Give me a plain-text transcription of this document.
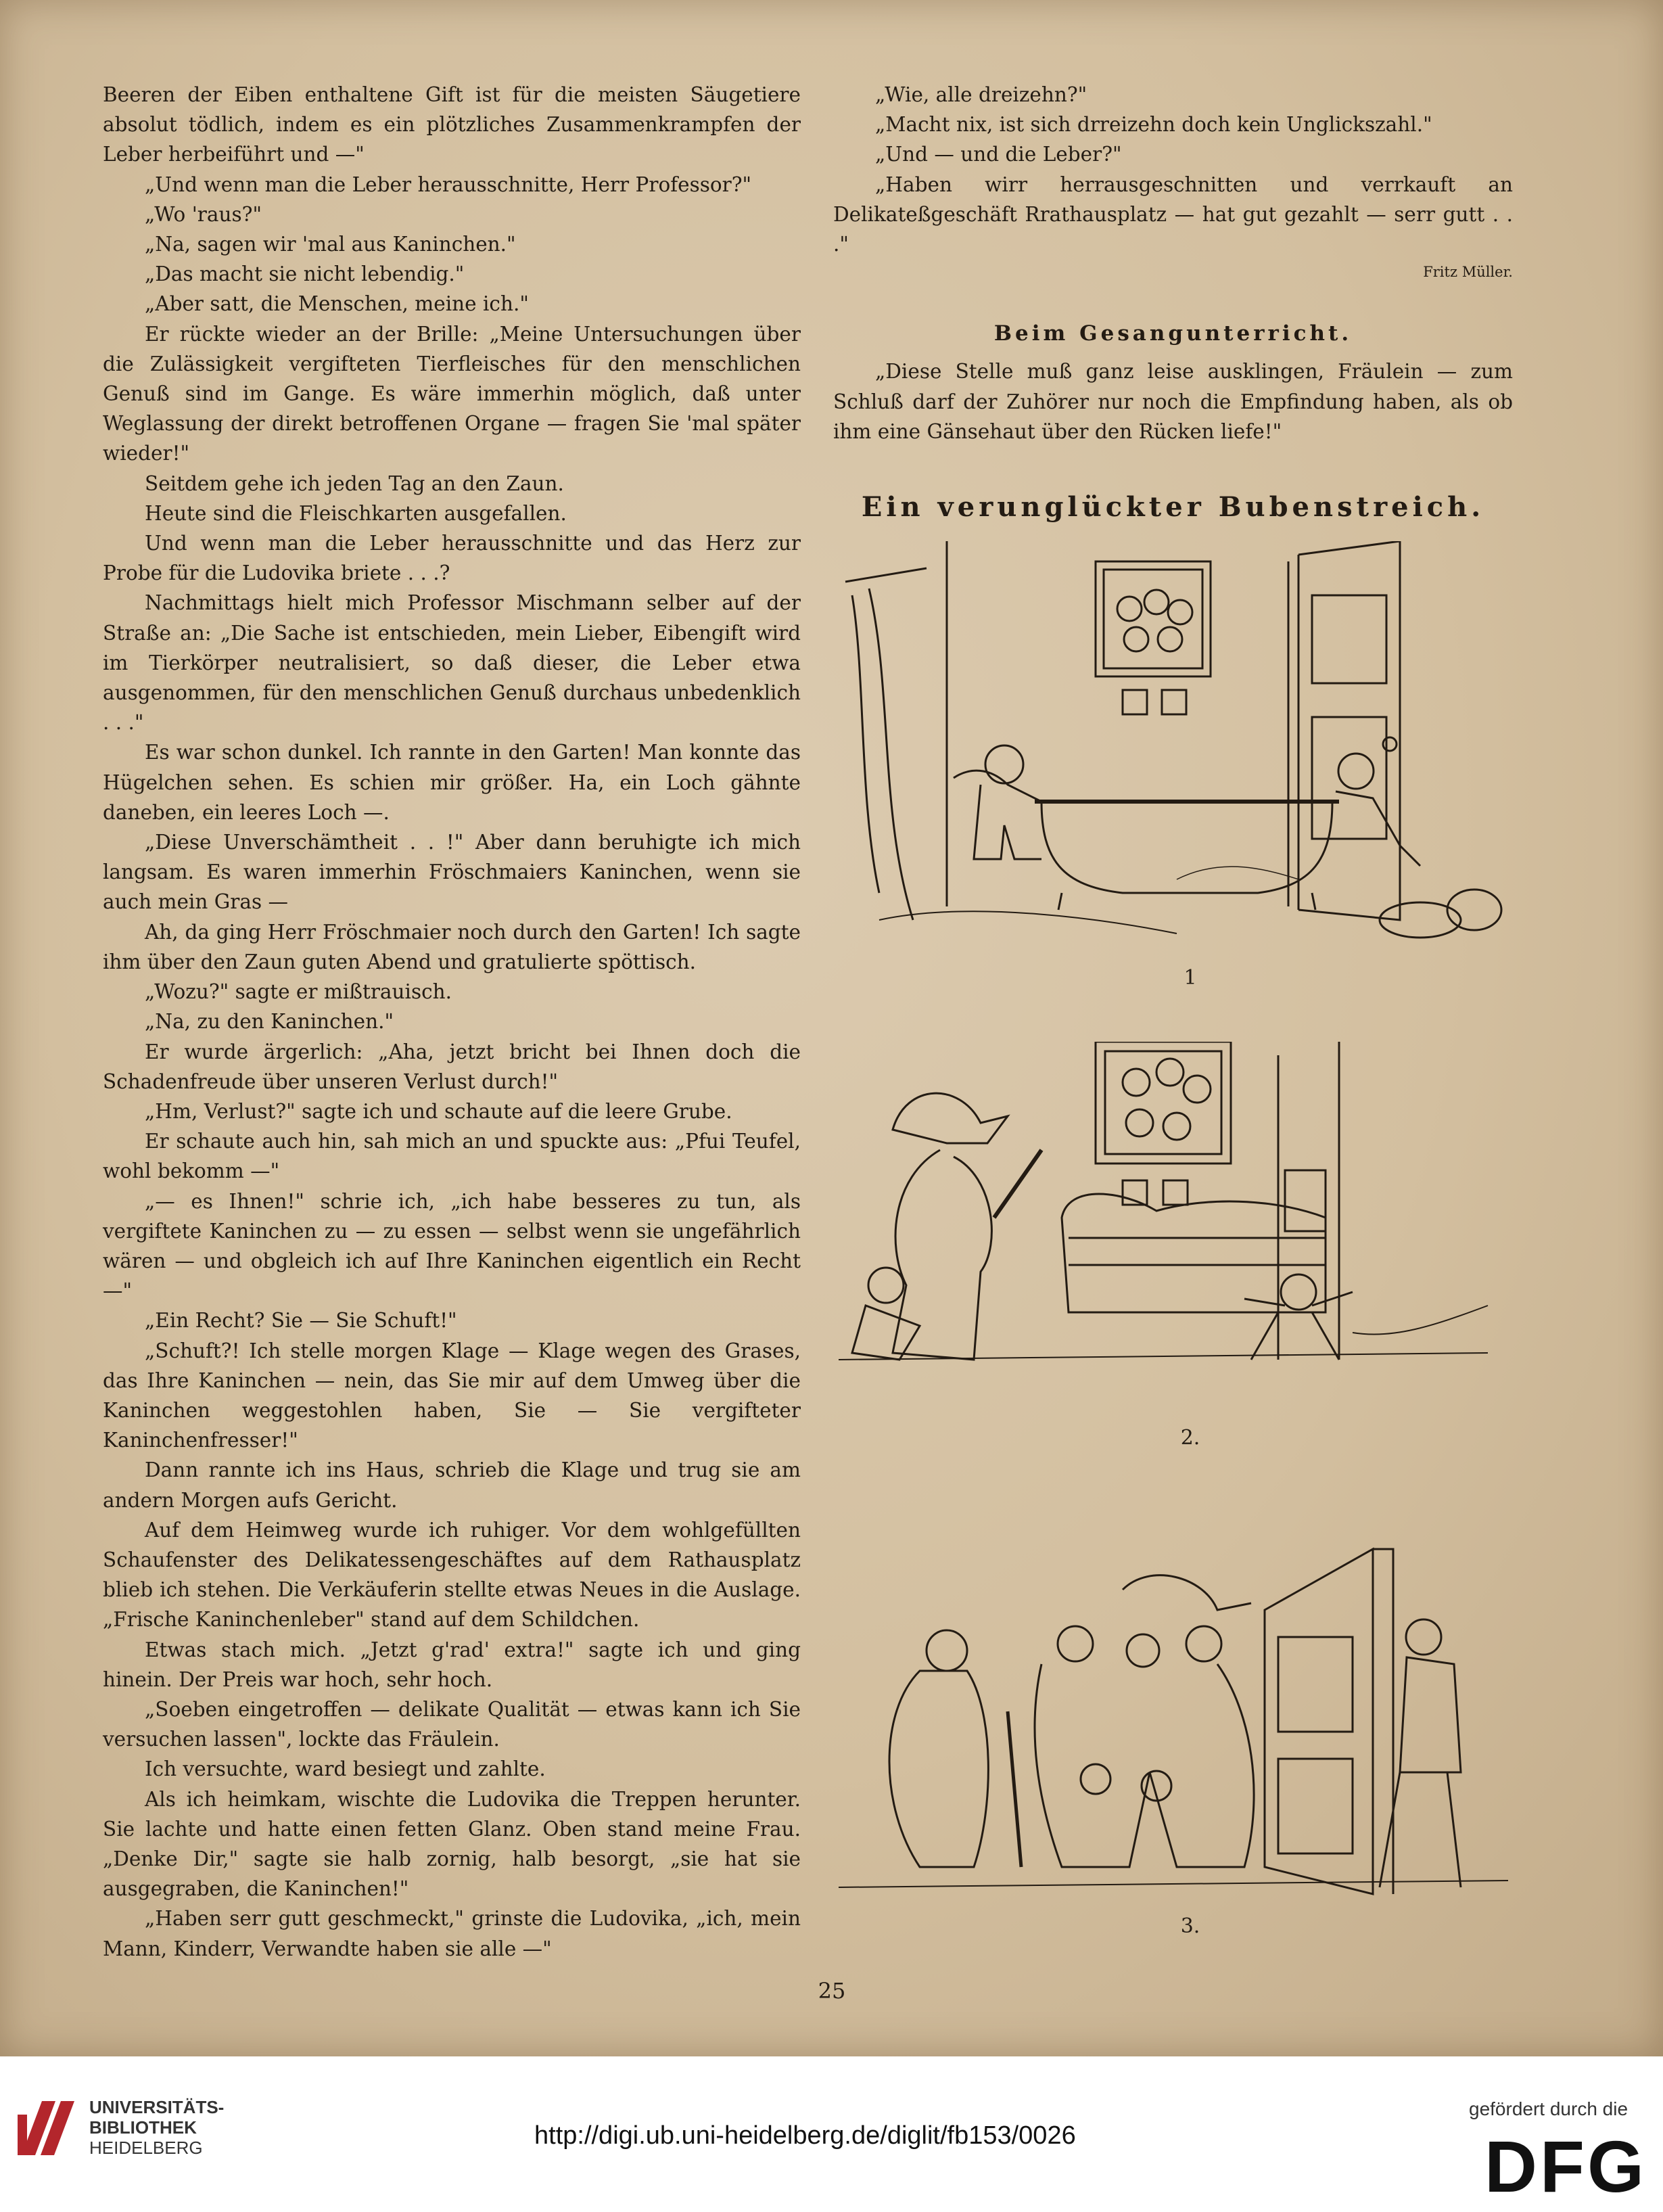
Beeren der Eiben enthaltene Gift ist für die meisten Säugetiere absolut tödlich, indem es ein plötzliches Zusammenkrampfen der Leber herbeiführt und —"

„Und wenn man die Leber herausschnitte, Herr Professor?"

„Wo 'raus?"

„Na, sagen wir 'mal aus Kaninchen."

„Das macht sie nicht lebendig."

„Aber satt, die Menschen, meine ich."

Er rückte wieder an der Brille: „Meine Untersuchungen über die Zulässigkeit vergifteten Tierfleisches für den menschlichen Genuß sind im Gange. Es wäre immerhin möglich, daß unter Weglassung der direkt betroffenen Organe — fragen Sie 'mal später wieder!"

Seitdem gehe ich jeden Tag an den Zaun.

Heute sind die Fleischkarten ausgefallen.

Und wenn man die Leber herausschnitte und das Herz zur Probe für die Ludovika briete . . .?

Nachmittags hielt mich Professor Mischmann selber auf der Straße an: „Die Sache ist entschieden, mein Lieber, Eibengift wird im Tierkörper neutralisiert, so daß dieser, die Leber etwa ausgenommen, für den menschlichen Genuß durchaus unbedenklich . . ."

Es war schon dunkel. Ich rannte in den Garten! Man konnte das Hügelchen sehen. Es schien mir größer. Ha, ein Loch gähnte daneben, ein leeres Loch —.

„Diese Unverschämtheit . . !" Aber dann beruhigte ich mich langsam. Es waren immerhin Fröschmaiers Kaninchen, wenn sie auch mein Gras —

Ah, da ging Herr Fröschmaier noch durch den Garten! Ich sagte ihm über den Zaun guten Abend und gratulierte spöttisch.

„Wozu?" sagte er mißtrauisch.

„Na, zu den Kaninchen."

Er wurde ärgerlich: „Aha, jetzt bricht bei Ihnen doch die Schadenfreude über unseren Verlust durch!"

„Hm, Verlust?" sagte ich und schaute auf die leere Grube.

Er schaute auch hin, sah mich an und spuckte aus: „Pfui Teufel, wohl bekomm —"

„— es Ihnen!" schrie ich, „ich habe besseres zu tun, als vergiftete Kaninchen zu — zu essen — selbst wenn sie ungefährlich wären — und obgleich ich auf Ihre Kaninchen eigentlich ein Recht —"

„Ein Recht? Sie — Sie Schuft!"

„Schuft?! Ich stelle morgen Klage — Klage wegen des Grases, das Ihre Kaninchen — nein, das Sie mir auf dem Umweg über die Kaninchen weggestohlen haben, Sie — Sie vergifteter Kaninchenfresser!"

Dann rannte ich ins Haus, schrieb die Klage und trug sie am andern Morgen aufs Gericht.

Auf dem Heimweg wurde ich ruhiger. Vor dem wohlgefüllten Schaufenster des Delikatessengeschäftes auf dem Rathausplatz blieb ich stehen. Die Verkäuferin stellte etwas Neues in die Auslage. „Frische Kaninchenleber" stand auf dem Schildchen.

Etwas stach mich. „Jetzt g'rad' extra!" sagte ich und ging hinein. Der Preis war hoch, sehr hoch.

„Soeben eingetroffen — delikate Qualität — etwas kann ich Sie versuchen lassen", lockte das Fräulein.

Ich versuchte, ward besiegt und zahlte.

Als ich heimkam, wischte die Ludovika die Treppen herunter. Sie lachte und hatte einen fetten Glanz. Oben stand meine Frau. „Denke Dir," sagte sie halb zornig, halb besorgt, „sie hat sie ausgegraben, die Kaninchen!"

„Haben serr gutt geschmeckt," grinste die Ludovika, „ich, mein Mann, Kinderr, Verwandte haben sie alle —"

„Wie, alle dreizehn?"

„Macht nix, ist sich drreizehn doch kein Unglickszahl."

„Und — und die Leber?"

„Haben wirr herrausgeschnitten und verrkauft an Delikateßgeschäft Rrathausplatz — hat gut gezahlt — serr gutt . . ."

Fritz Müller.
Beim Gesangunterricht.

„Diese Stelle muß ganz leise ausklingen, Fräulein — zum Schluß darf der Zuhörer nur noch die Empfindung haben, als ob ihm eine Gänsehaut über den Rücken liefe!"

Ein verunglückter Bubenstreich.
1
2.
3.
25
UNIVERSITÄTS-
BIBLIOTHEK
HEIDELBERG	http://digi.ub.uni-heidelberg.de/diglit/fb153/0026
gefördert durch die
DFG
